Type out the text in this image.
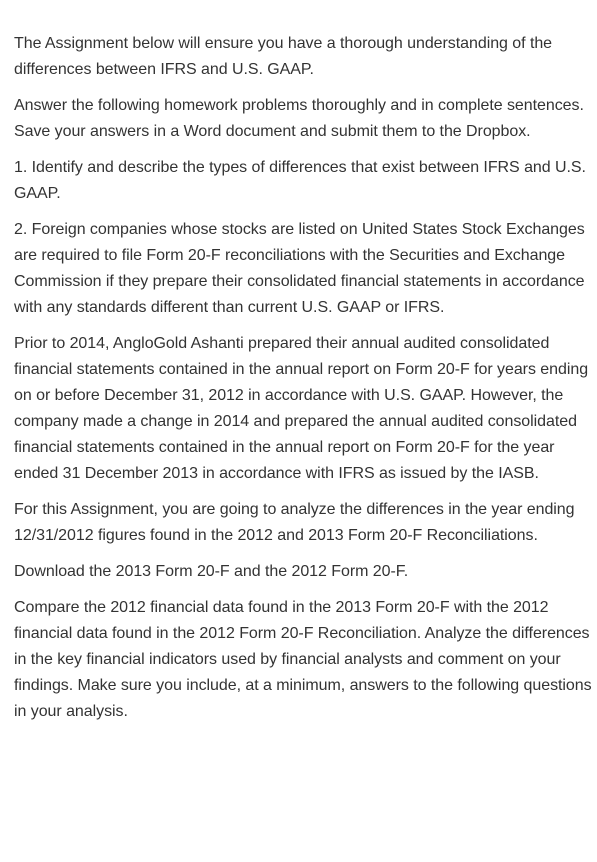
The Assignment below will ensure you have a thorough understanding of the differences between IFRS and U.S. GAAP.

Answer the following homework problems thoroughly and in complete sentences. Save your answers in a Word document and submit them to the Dropbox.

1. Identify and describe the types of differences that exist between IFRS and U.S. GAAP.

2. Foreign companies whose stocks are listed on United States Stock Exchanges are required to file Form 20-F reconciliations with the Securities and Exchange Commission if they prepare their consolidated financial statements in accordance with any standards different than current U.S. GAAP or IFRS.

Prior to 2014, AngloGold Ashanti prepared their annual audited consolidated financial statements contained in the annual report on Form 20-F for years ending on or before December 31, 2012 in accordance with U.S. GAAP. However, the company made a change in 2014 and prepared the annual audited consolidated financial statements contained in the annual report on Form 20-F for the year ended 31 December 2013 in accordance with IFRS as issued by the IASB.

For this Assignment, you are going to analyze the differences in the year ending 12/31/2012 figures found in the 2012 and 2013 Form 20-F Reconciliations.

Download the 2013 Form 20-F and the 2012 Form 20-F.

Compare the 2012 financial data found in the 2013 Form 20-F with the 2012 financial data found in the 2012 Form 20-F Reconciliation. Analyze the differences in the key financial indicators used by financial analysts and comment on your findings. Make sure you include, at a minimum, answers to the following questions in your analysis.
